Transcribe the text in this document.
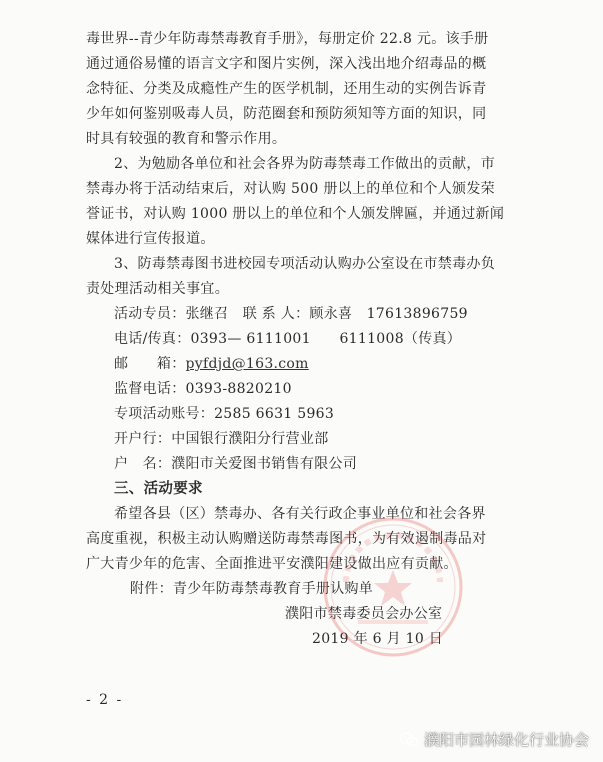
毒世界--青少年防毒禁毒教育手册》，每册定价 22.8 元。该手册
通过通俗易懂的语言文字和图片实例，深入浅出地介绍毒品的概
念特征、分类及成瘾性产生的医学机制，还用生动的实例告诉青
少年如何鉴别吸毒人员，防范圈套和预防须知等方面的知识，同
时具有较强的教育和警示作用。
2、为勉励各单位和社会各界为防毒禁毒工作做出的贡献，市
禁毒办将于活动结束后，对认购 500 册以上的单位和个人颁发荣
誉证书，对认购 1000 册以上的单位和个人颁发牌匾，并通过新闻
媒体进行宣传报道。
3、防毒禁毒图书进校园专项活动认购办公室设在市禁毒办负
责处理活动相关事宜。
活动专员：张继召　联 系 人：顾永喜　17613896759
电话/传真：0393— 6111001　　6111008（传真）
邮　　箱：pyfdjd@163.com
监督电话：0393-8820210
专项活动账号：2585 6631 5963
开户行：中国银行濮阳分行营业部
户　名：濮阳市关爱图书销售有限公司
三、活动要求
希望各县（区）禁毒办、各有关行政企事业单位和社会各界
高度重视，积极主动认购赠送防毒禁毒图书，为有效遏制毒品对
广大青少年的危害、全面推进平安濮阳建设做出应有贡献。
附件：青少年防毒禁毒教育手册认购单
濮阳市禁毒委员会办公室
2019 年 6 月 10 日
- 2 -
濮阳市园林绿化行业协会
